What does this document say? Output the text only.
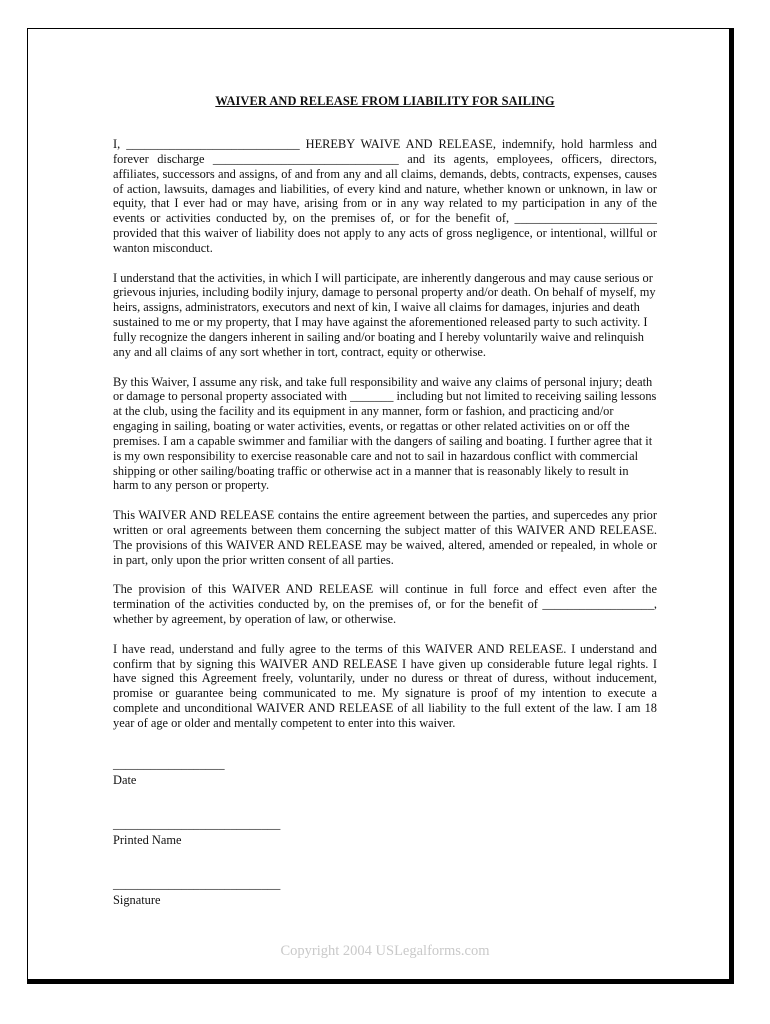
WAIVER AND RELEASE FROM LIABILITY FOR SAILING

I, ____________________________ HEREBY WAIVE AND RELEASE, indemnify, hold harmless and forever discharge ______________________________ and its agents, employees, officers, directors, affiliates, successors and assigns, of and from any and all claims, demands, debts, contracts, expenses, causes of action, lawsuits, damages and liabilities, of every kind and nature, whether known or unknown, in law or equity, that I ever had or may have, arising from or in any way related to my participation in any of the events or activities conducted by, on the premises of, or for the benefit of, _______________________ provided that this waiver of liability does not apply to any acts of gross negligence, or intentional, willful or wanton misconduct.

I understand that the activities, in which I will participate, are inherently dangerous and may cause serious or grievous injuries, including bodily injury, damage to personal property and/or death. On behalf of myself, my heirs, assigns, administrators, executors and next of kin, I waive all claims for damages, injuries and death sustained to me or my property, that I may have against the aforementioned released party to such activity. I fully recognize the dangers inherent in sailing and/or boating and I hereby voluntarily waive and relinquish any and all claims of any sort whether in tort, contract, equity or otherwise.

By this Waiver, I assume any risk, and take full responsibility and waive any claims of personal injury; death or damage to personal property associated with _______ including but not limited to receiving sailing lessons at the club, using the facility and its equipment in any manner, form or fashion, and practicing and/or engaging in sailing, boating or water activities, events, or regattas or other related activities on or off the premises. I am a capable swimmer and familiar with the dangers of sailing and boating. I further agree that it is my own responsibility to exercise reasonable care and not to sail in hazardous conflict with commercial shipping or other sailing/boating traffic or otherwise act in a manner that is reasonably likely to result in harm to any person or property.

This WAIVER AND RELEASE contains the entire agreement between the parties, and supercedes any prior written or oral agreements between them concerning the subject matter of this WAIVER AND RELEASE. The provisions of this WAIVER AND RELEASE may be waived, altered, amended or repealed, in whole or in part, only upon the prior written consent of all parties.

The provision of this WAIVER AND RELEASE will continue in full force and effect even after the termination of the activities conducted by, on the premises of, or for the benefit of __________________, whether by agreement, by operation of law, or otherwise.

I have read, understand and fully agree to the terms of this WAIVER AND RELEASE. I understand and confirm that by signing this WAIVER AND RELEASE I have given up considerable future legal rights. I have signed this Agreement freely, voluntarily, under no duress or threat of duress, without inducement, promise or guarantee being communicated to me. My signature is proof of my intention to execute a complete and unconditional WAIVER AND RELEASE of all liability to the full extent of the law. I am 18 year of age or older and mentally competent to enter into this waiver.

__________________
Date
___________________________
Printed Name
___________________________
Signature
Copyright 2004 USLegalforms.com
